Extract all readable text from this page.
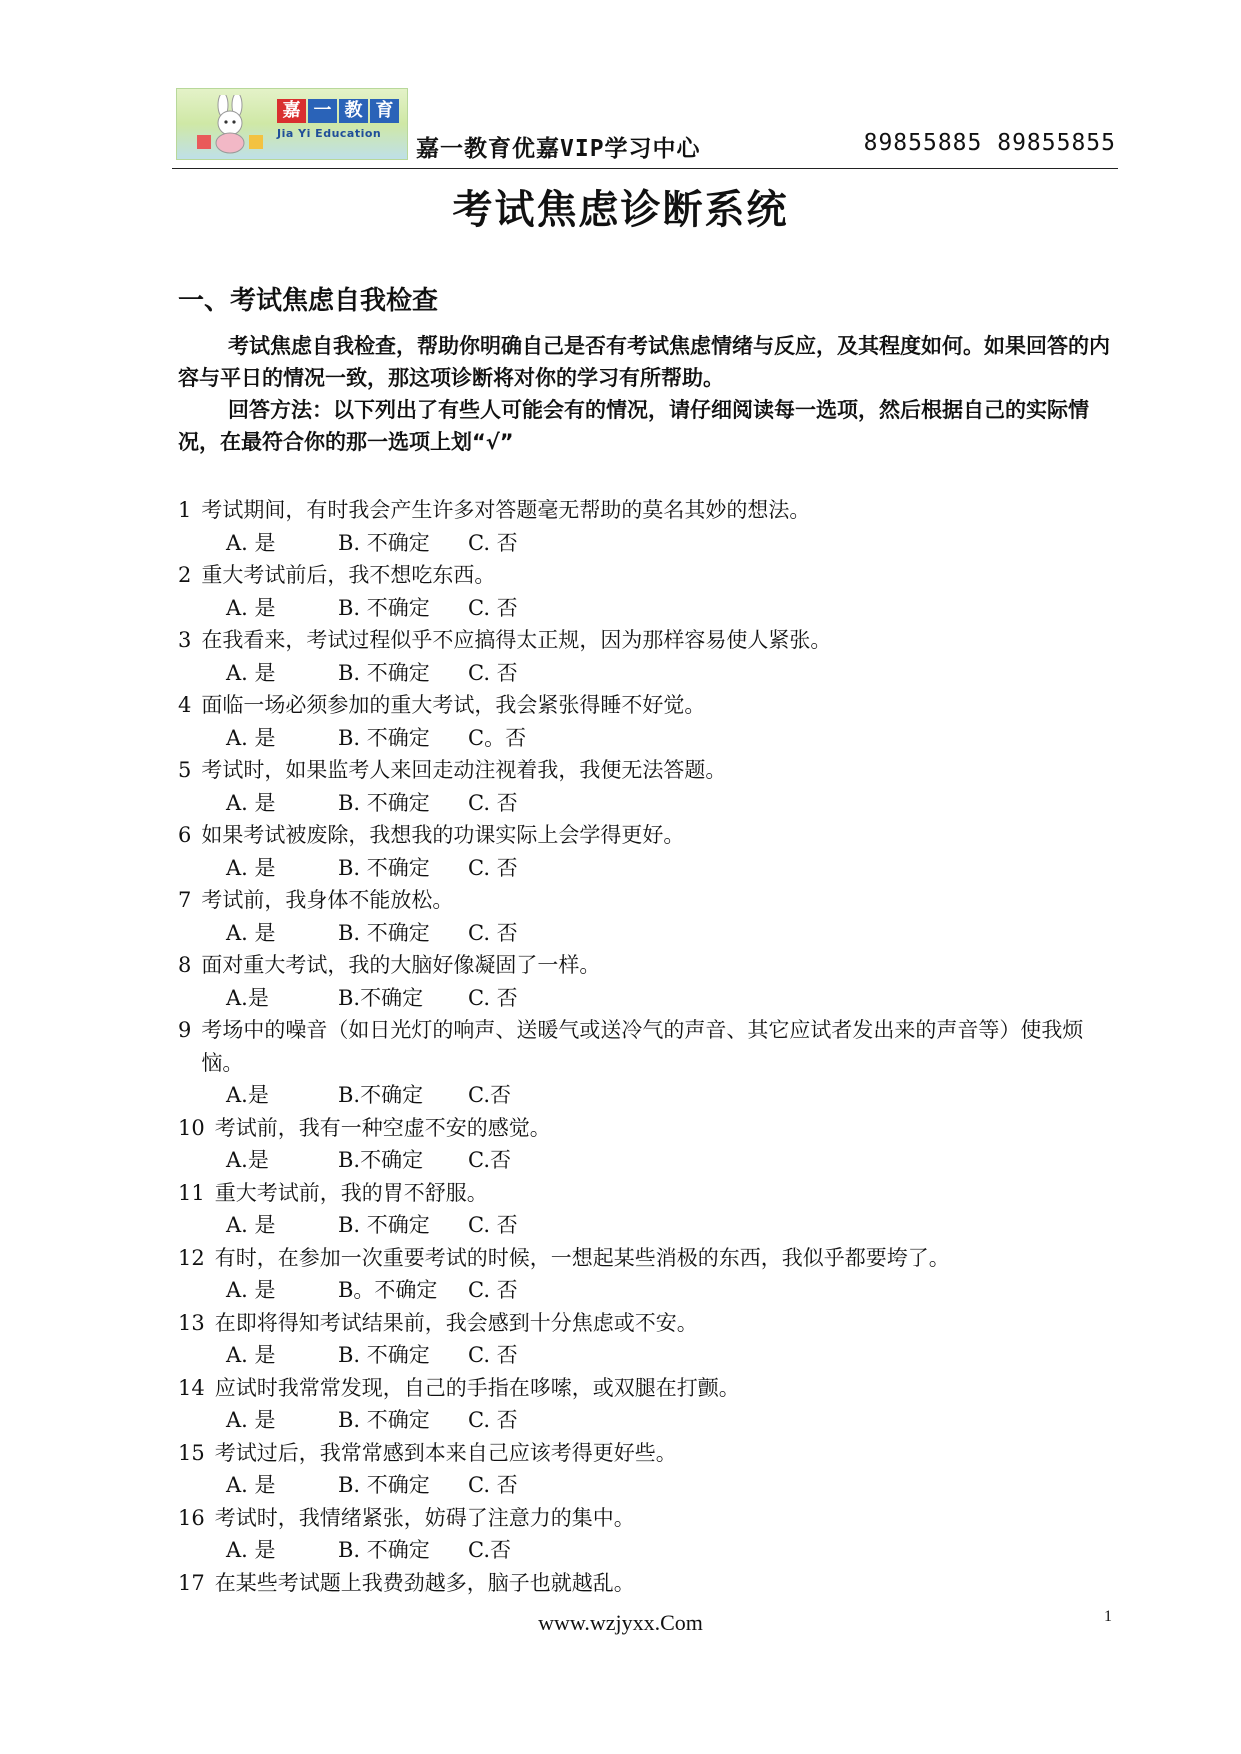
嘉 一 教 育
Jia Yi Education
嘉一教育优嘉VIP学习中心	89855885 89855855
考试焦虑诊断系统
一、考试焦虑自我检查

考试焦虑自我检查，帮助你明确自己是否有考试焦虑情绪与反应，及其程度如何。如果回答的内容与平日的情况一致，那这项诊断将对你的学习有所帮助。

回答方法：以下列出了有些人可能会有的情况，请仔细阅读每一选项，然后根据自己的实际情况，在最符合你的那一选项上划“√”

1 考试期间，有时我会产生许多对答题毫无帮助的莫名其妙的想法。
A. 是	B. 不确定 C. 否
2 重大考试前后，我不想吃东西。
A. 是	B. 不确定 C. 否
3 在我看来，考试过程似乎不应搞得太正规，因为那样容易使人紧张。
A. 是	B. 不确定 C. 否
4 面临一场必须参加的重大考试，我会紧张得睡不好觉。
A. 是	B. 不确定 C。否
5 考试时，如果监考人来回走动注视着我，我便无法答题。
A. 是	B. 不确定 C. 否
6 如果考试被废除，我想我的功课实际上会学得更好。
A. 是	B. 不确定 C. 否
7 考试前，我身体不能放松。
A. 是	B. 不确定 C. 否
8 面对重大考试，我的大脑好像凝固了一样。
A.是	B.不确定 C. 否
9 考场中的噪音（如日光灯的响声、送暖气或送冷气的声音、其它应试者发出来的声音等）使我烦恼。
A.是	B.不确定 C.否
10 考试前，我有一种空虚不安的感觉。
A.是	B.不确定 C.否
11 重大考试前，我的胃不舒服。
A. 是	B. 不确定 C. 否
12 有时，在参加一次重要考试的时候，一想起某些消极的东西，我似乎都要垮了。
A. 是	B。不确定 C. 否
13 在即将得知考试结果前，我会感到十分焦虑或不安。
A. 是	B. 不确定 C. 否
14 应试时我常常发现，自己的手指在哆嗦，或双腿在打颤。
A. 是	B. 不确定 C. 否
15 考试过后，我常常感到本来自己应该考得更好些。
A. 是	B. 不确定 C. 否
16 考试时，我情绪紧张，妨碍了注意力的集中。
A. 是	B. 不确定 C.否
17 在某些考试题上我费劲越多，脑子也就越乱。
www.wzjyxx.Com	1
